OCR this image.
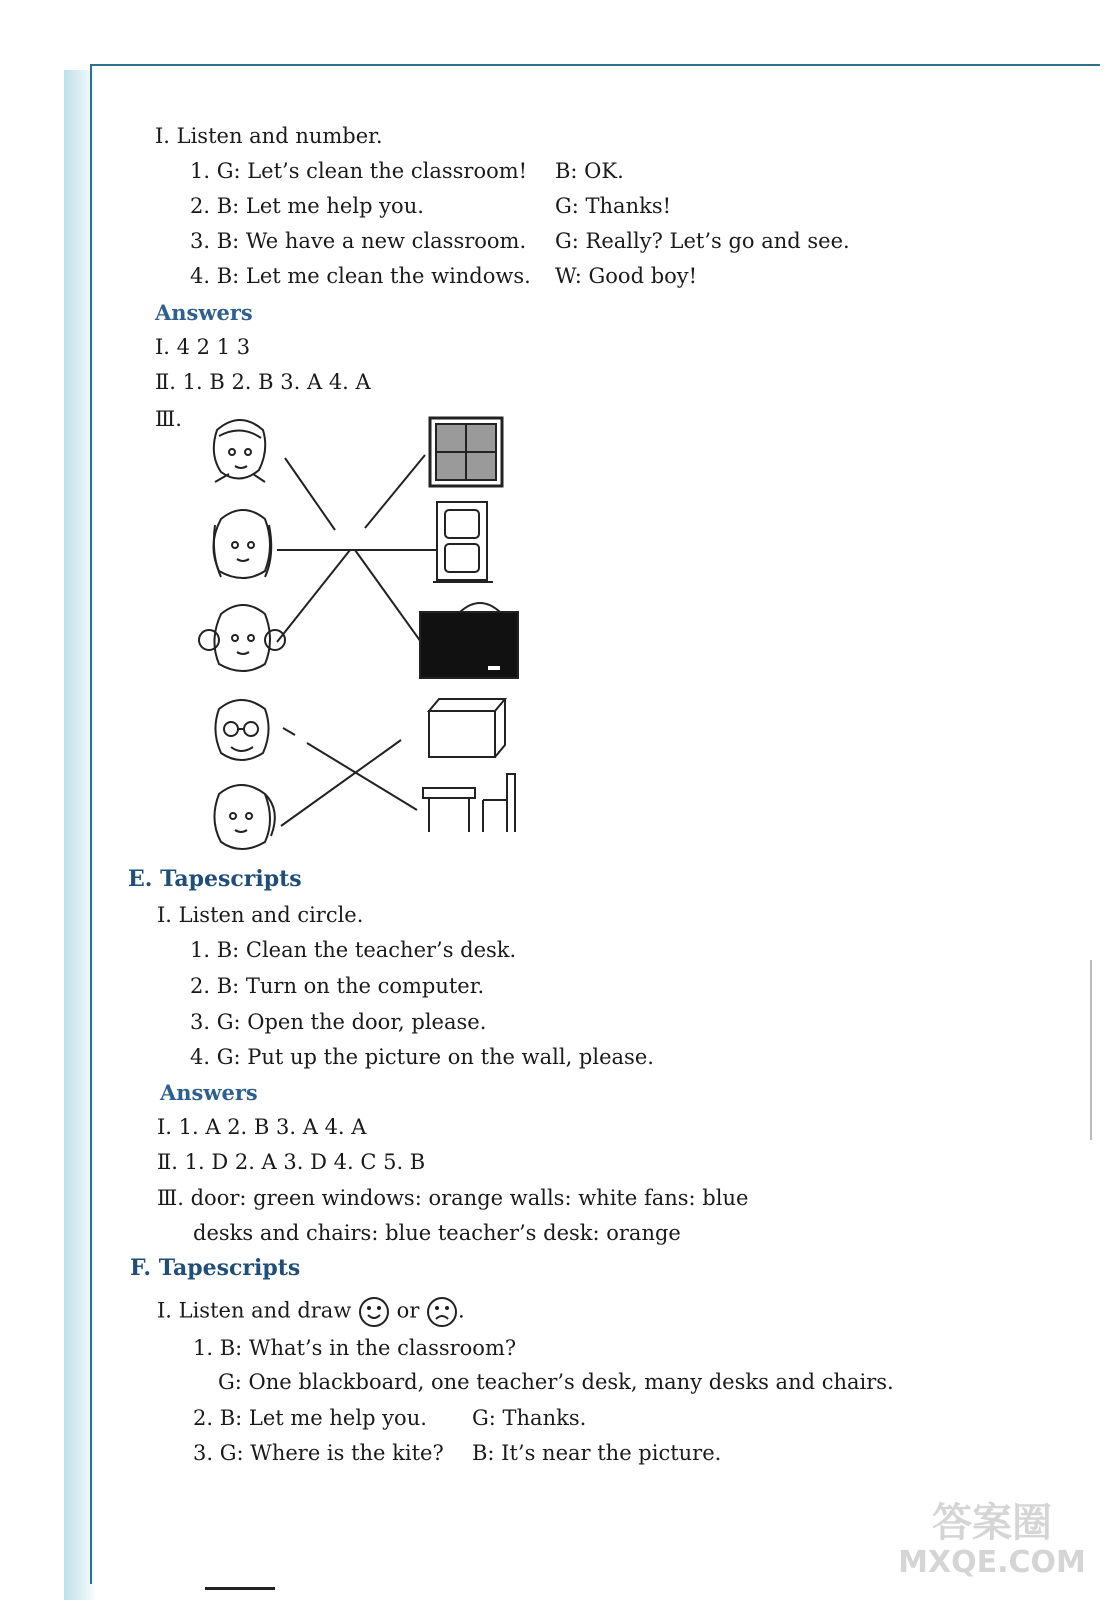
Ⅰ. Listen and number.
1. G: Let’s clean the classroom! B: OK.
2. B: Let me help you.	G: Thanks!
3. B: We have a new classroom. G: Really? Let’s go and see.
4. B: Let me clean the windows. W: Good boy!
Answers
Ⅰ. 4 2 1 3
Ⅱ. 1. B 2. B 3. A 4. A
Ⅲ.
E. Tapescripts
Ⅰ. Listen and circle.
1. B: Clean the teacher’s desk.
2. B: Turn on the computer.
3. G: Open the door, please.
4. G: Put up the picture on the wall, please.
Answers
Ⅰ. 1. A 2. B 3. A 4. A
Ⅱ. 1. D 2. A 3. D 4. C 5. B
Ⅲ. door: green windows: orange walls: white fans: blue
desks and chairs: blue teacher’s desk: orange
F. Tapescripts
Ⅰ. Listen and draw or .
1. B: What’s in the classroom?
G: One blackboard, one teacher’s desk, many desks and chairs.
2. B: Let me help you. G: Thanks.
3. G: Where is the kite? B: It’s near the picture.
答案圈
MXQE.COM
